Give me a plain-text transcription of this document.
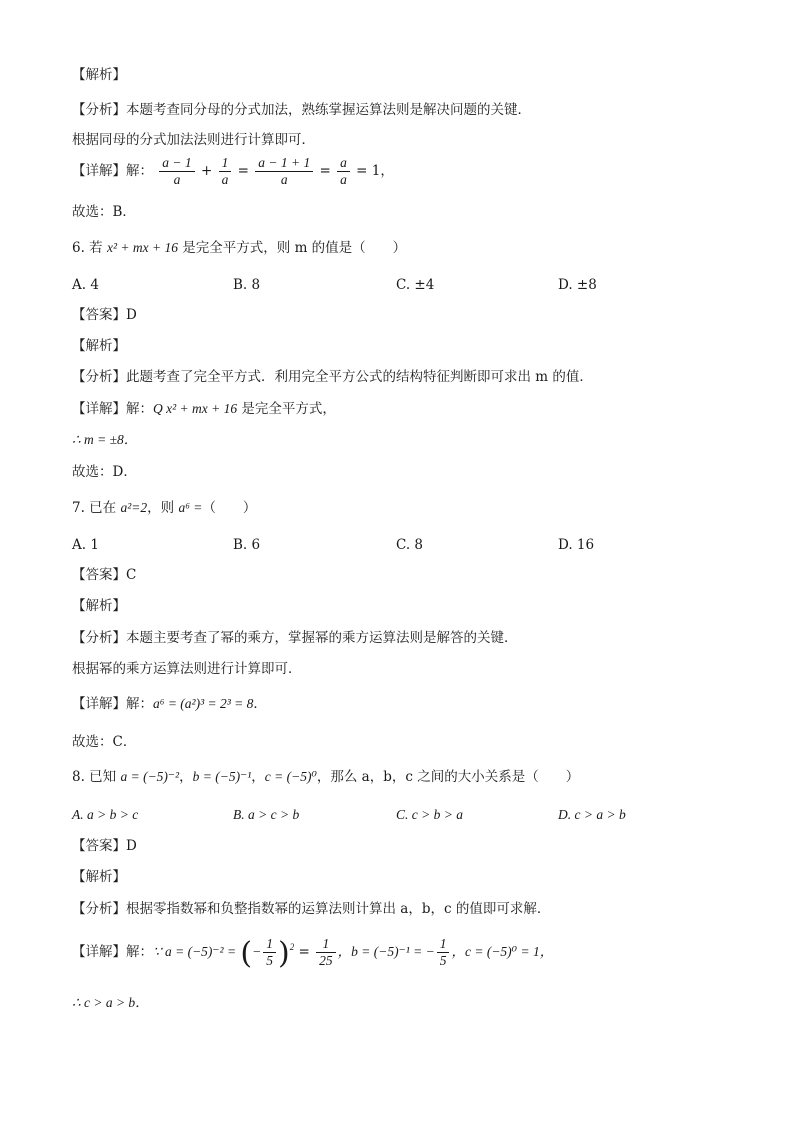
【解析】
【分析】本题考查同分母的分式加法，熟练掌握运算法则是解决问题的关键．
根据同母的分式加法法则进行计算即可．
【详解】解： $\frac{a - 1}{a} + \frac{1}{a} = \frac{a - 1 + 1}{a} = \frac{a}{a} = 1$，
故选：B．
6. 若 x² + mx + 16 是完全平方式，则 m 的值是（　　）
A. 4	B. 8	C. ±4	D. ±8
【答案】D
【解析】
【分析】此题考查了完全平方式．利用完全平方公式的结构特征判断即可求出 m 的值．
【详解】解：Q x² + mx + 16 是完全平方式，
∴ m = ±8．
故选：D．
7. 已在 a²=2，则 a⁶ =（　　）
A. 1	B. 6	C. 8	D. 16
【答案】C
【解析】
【分析】本题主要考查了幂的乘方，掌握幂的乘方运算法则是解答的关键．
根据幂的乘方运算法则进行计算即可．
【详解】解：a⁶ = (a²)³ = 2³ = 8．
故选：C．
8. 已知 a = (−5)⁻²，b = (−5)⁻¹，c = (−5)⁰，那么 a，b，c 之间的大小关系是（　　）
A. a > b > c	B. a > c > b	C. c > b > a	D. c > a > b
【答案】D
【解析】
【分析】根据零指数幂和负整指数幂的运算法则计算出 a，b，c 的值即可求解．
【详解】解：∵ a = (−5)⁻² = (− $\frac{1}{5} )^2 = \frac{1}{25}$ ，b = (−5)⁻¹ = − $\frac{1}{5}$ ，c = (−5)⁰ = 1，
∴ c > a > b．
